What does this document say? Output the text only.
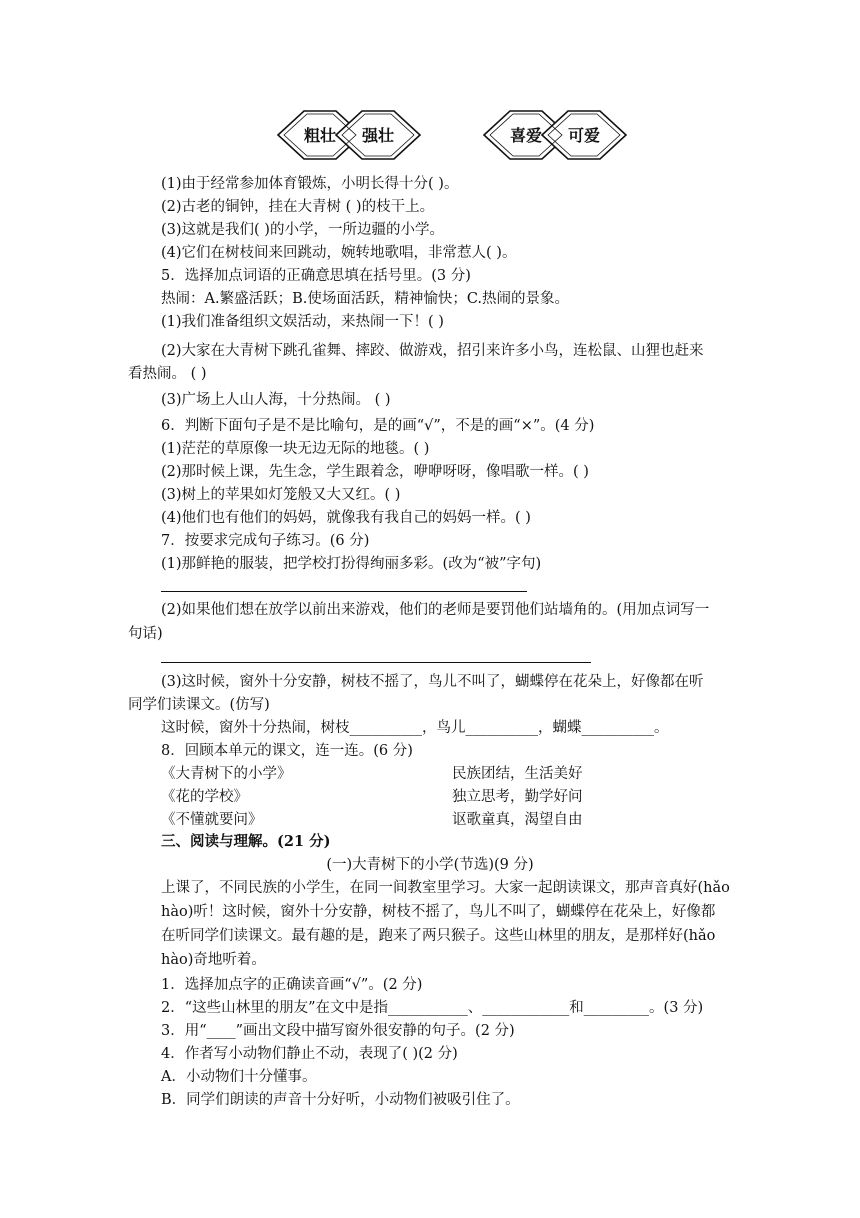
粗壮 强壮	喜爱 可爱
(1)由于经常参加体育锻炼，小明长得十分( )。
(2)古老的铜钟，挂在大青树 ( )的枝干上。
(3)这就是我们( )的小学，一所边疆的小学。
(4)它们在树枝间来回跳动，婉转地歌唱，非常惹人( )。
5．选择加点词语的正确意思填在括号里。(3 分)
热闹：A.繁盛活跃；B.使场面活跃，精神愉快；C.热闹的景象。
(1)我们准备组织文娱活动，来热闹一下！( )
(2)大家在大青树下跳孔雀舞、摔跤、做游戏，招引来许多小鸟，连松鼠、山狸也赶来
看热闹。 ( )
(3)广场上人山人海，十分热闹。 ( )
6．判断下面句子是不是比喻句，是的画“√”，不是的画“×”。(4 分)
(1)茫茫的草原像一块无边无际的地毯。( )
(2)那时候上课，先生念，学生跟着念，咿咿呀呀，像唱歌一样。( )
(3)树上的苹果如灯笼般又大又红。( )
(4)他们也有他们的妈妈，就像我有我自己的妈妈一样。( )
7．按要求完成句子练习。(6 分)
(1)那鲜艳的服装，把学校打扮得绚丽多彩。(改为“被”字句)
(2)如果他们想在放学以前出来游戏，他们的老师是要罚他们站墙角的。(用加点词写一
句话)
(3)这时候，窗外十分安静，树枝不摇了，鸟儿不叫了，蝴蝶停在花朵上，好像都在听
同学们读课文。(仿写)
这时候，窗外十分热闹，树枝__________，鸟儿__________，蝴蝶__________。
8．回顾本单元的课文，连一连。(6 分)
三、阅读与理解。(21 分)
上课了，不同民族的小学生，在同一间教室里学习。大家一起朗读课文，那声音真好(hǎo
hào)听！这时候，窗外十分安静，树枝不摇了，鸟儿不叫了，蝴蝶停在花朵上，好像都
在听同学们读课文。最有趣的是，跑来了两只猴子。这些山林里的朋友，是那样好(hǎo
hào)奇地听着。
1．选择加点字的正确读音画“√”。(2 分)
2．“这些山林里的朋友”在文中是指___________、____________和_________。(3 分)
3．用“____”画出文段中描写窗外很安静的句子。(2 分)
4．作者写小动物们静止不动，表现了( )(2 分)
A．小动物们十分懂事。
B．同学们朗读的声音十分好听，小动物们被吸引住了。
《大青树下的小学》
《花的学校》
《不懂就要问》
民族团结，生活美好
独立思考，勤学好问
讴歌童真，渴望自由
(一)大青树下的小学(节选)(9 分)
